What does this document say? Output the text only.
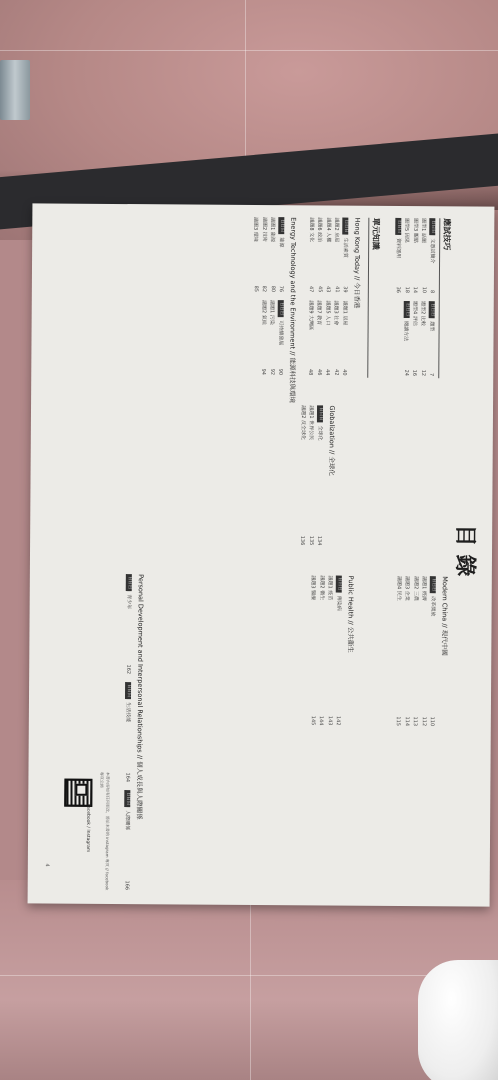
目錄
應試技巧
日日日
文憑試簡介
8
日日日
題型
7
題型1 話題
10
題型2 比較
12
題型3 觀點
14
題型4 評估
16
題型5 因果
18
日日日
閱讀方法
24
日日日
資料運用
36
單元知識
Hong Kong Today // 今日香港
日日日
生活素質
39
議題1 居屋
40
議題2 房屋
41
議題3 社會
42
議題4 人權
43
議題5 人口
44
議題6 政治
45
議題7 教育
46
議題8 文化
47
議題9 大灣區
48
Energy Technology and the Environment // 能源科技與環境
日日日
能源
76
日日日
可持續發展
90
議題1 能源
80
議題1 污染
92
議題2 技術
82
議題2 氣候
94
議題3 環境
85
Globalization // 全球化
日日日
全球化
134
議題1 世界公民
135
議題2 反全球化
136
Modern China // 現代中國
日日日
改革開放
110
議題1 經濟
112
議題2 三農
113
議題3 企業
114
議題4 民生
115
Public Health // 公共衞生
日日日
傳染病
142
議題1 疫苗
143
議題2 衞生
144
議題3 醫療
145
Personal Development and Interpersonal Relationships // 個人成長與人際關係
日日日
青少年
162
日日日
生活技能
164
日日日
人際關係
166
Facebook / Instagram	本書內容如有任何更改，將於本書的 instagram 專頁 // facebook 專頁公佈
4
